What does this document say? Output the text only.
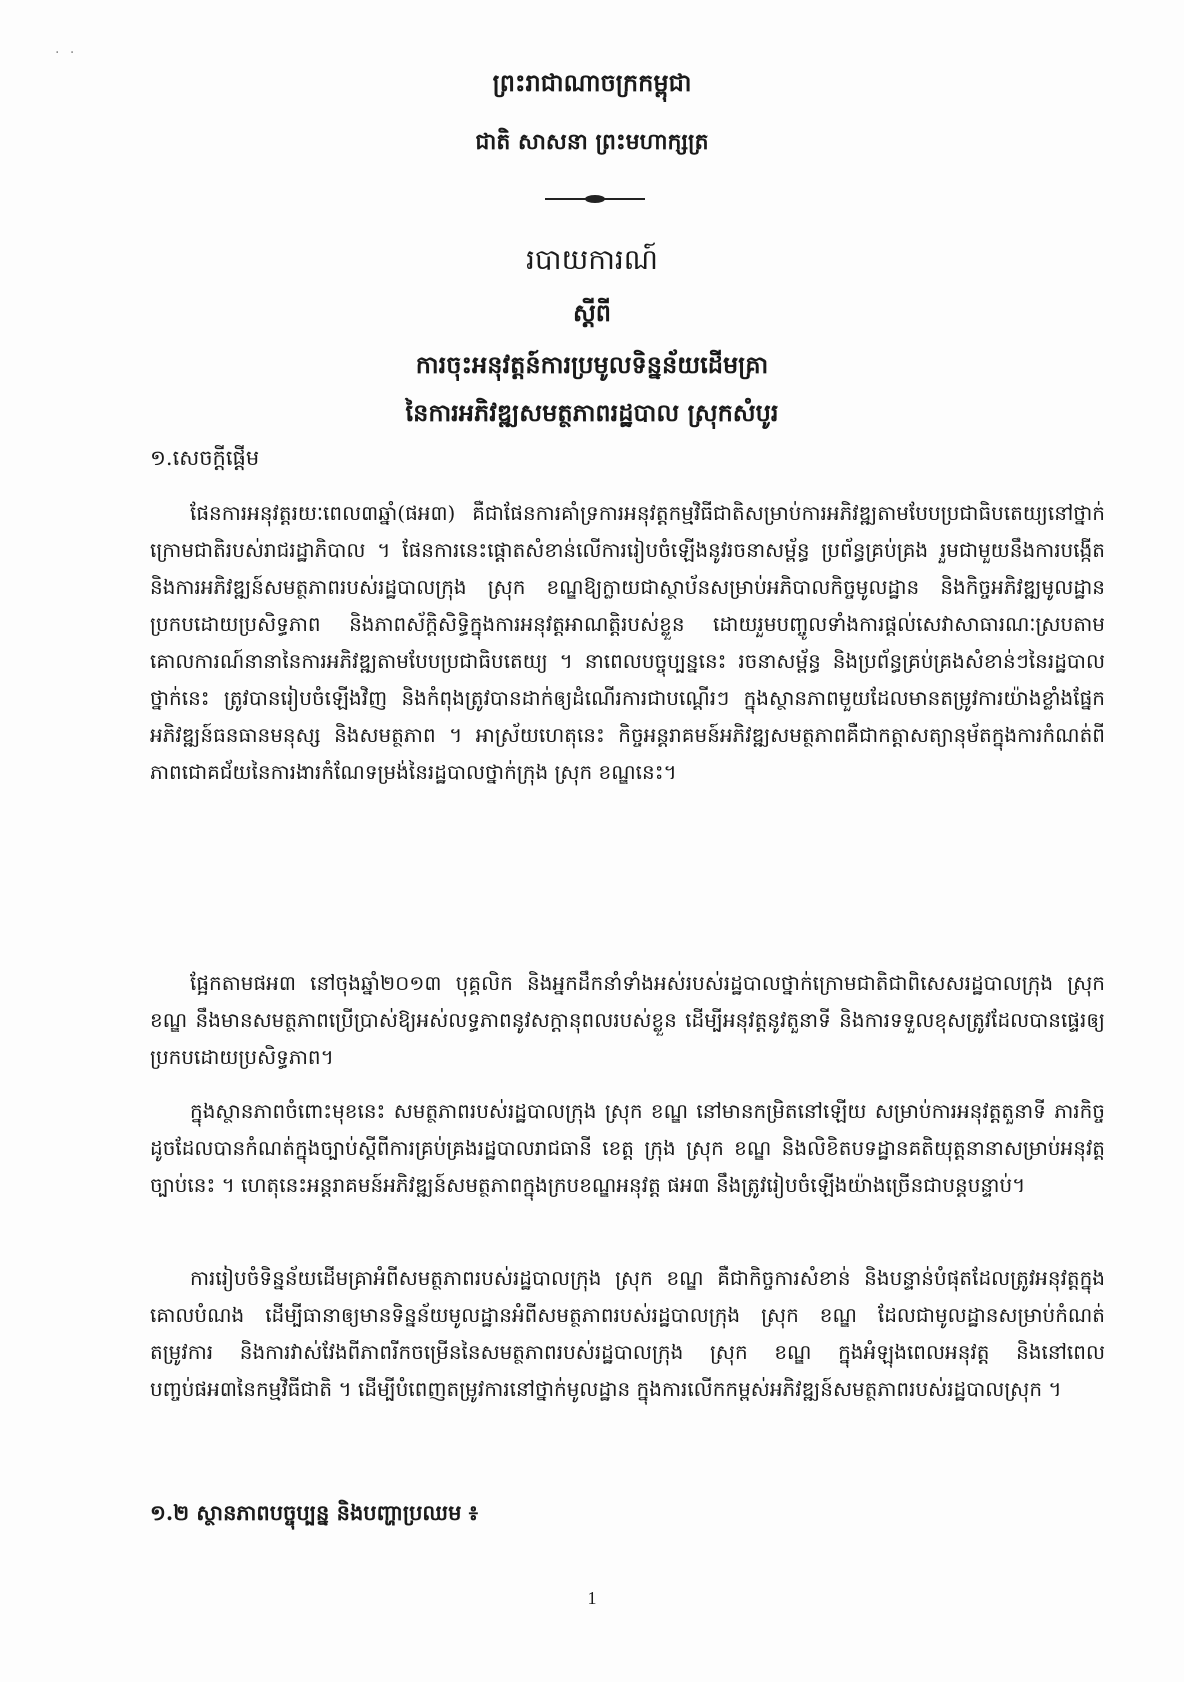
· ·
ព្រះរាជាណាចក្រកម្ពុជា
ជាតិ សាសនា ព្រះមហាក្សត្រ
របាយការណ៍
ស្តីពី
ការចុះអនុវត្តន៍ការប្រមូលទិន្នន័យដើមគ្រា
នៃការអភិវឌ្ឍសមត្ថភាពរដ្ឋបាល ស្រុកសំបូរ
១.សេចក្តីផ្តើម

ផែនការអនុវត្តរយៈពេល៣ឆ្នាំ(ផអ៣) គឺជាផែនការគាំទ្រការអនុវត្តកម្មវិធីជាតិសម្រាប់ការអភិវឌ្ឍតាមបែបប្រជាធិបតេយ្យនៅថ្នាក់ក្រោមជាតិរបស់រាជរដ្ឋាភិបាល ។ ផែនការនេះផ្តោតសំខាន់លើការរៀបចំឡើងនូវរចនាសម្ព័ន្ធ ប្រព័ន្ធគ្រប់គ្រង រួមជាមួយនឹងការបង្កើត និងការអភិវឌ្ឍន៍សមត្ថភាពរបស់រដ្ឋបាលក្រុង ស្រុក ខណ្ឌឱ្យក្លាយជាស្ថាប័នសម្រាប់អភិបាលកិច្ចមូលដ្ឋាន និងកិច្ចអភិវឌ្ឍមូលដ្ឋាន ប្រកបដោយប្រសិទ្ធភាព និងភាពស័ក្តិសិទ្ធិក្នុងការអនុវត្តអាណត្តិរបស់ខ្លួន ដោយរួមបញ្ចូលទាំងការផ្តល់សេវាសាធារណៈស្របតាមគោលការណ៍នានានៃការអភិវឌ្ឍតាមបែបប្រជាធិបតេយ្យ ។ នាពេលបច្ចុប្បន្ននេះ រចនាសម្ព័ន្ធ និងប្រព័ន្ធគ្រប់គ្រងសំខាន់ៗនៃរដ្ឋបាលថ្នាក់នេះ ត្រូវបានរៀបចំឡើងវិញ និងកំពុងត្រូវបានដាក់ឲ្យដំណើរការជាបណ្តើរៗ ក្នុងស្ថានភាពមួយដែលមានតម្រូវការយ៉ាងខ្លាំងផ្នែកអភិវឌ្ឍន៍ធនធានមនុស្ស និងសមត្ថភាព ។ អាស្រ័យហេតុនេះ កិច្ចអន្តរាគមន៍អភិវឌ្ឍសមត្ថភាពគឺជាកត្តាសត្យានុម័តក្នុងការកំណត់ពីភាពជោគជ័យនៃការងារកំណែទម្រង់នៃរដ្ឋបាលថ្នាក់ក្រុង ស្រុក ខណ្ឌនេះ។

ផ្អែកតាមផអ៣ នៅចុងឆ្នាំ២០១៣ បុគ្គលិក និងអ្នកដឹកនាំទាំងអស់របស់រដ្ឋបាលថ្នាក់ក្រោមជាតិជាពិសេសរដ្ឋបាលក្រុង ស្រុក ខណ្ឌ នឹងមានសមត្ថភាពប្រើប្រាស់ឱ្យអស់លទ្ធភាពនូវសក្តានុពលរបស់ខ្លួន ដើម្បីអនុវត្តនូវតួនាទី និងការទទួលខុសត្រូវដែលបានផ្ទេរឲ្យប្រកបដោយប្រសិទ្ធភាព។

ក្នុងស្ថានភាពចំពោះមុខនេះ សមត្ថភាពរបស់រដ្ឋបាលក្រុង ស្រុក ខណ្ឌ នៅមានកម្រិតនៅឡើយ សម្រាប់ការអនុវត្តតួនាទី ភារកិច្ច ដូចដែលបានកំណត់ក្នុងច្បាប់ស្តីពីការគ្រប់គ្រងរដ្ឋបាលរាជធានី ខេត្ត ក្រុង ស្រុក ខណ្ឌ និងលិខិតបទដ្ឋានគតិយុត្តនានាសម្រាប់អនុវត្តច្បាប់នេះ ។ ហេតុនេះអន្តរាគមន៍អភិវឌ្ឍន៍សមត្ថភាពក្នុងក្របខណ្ឌអនុវត្ត ផអ៣ នឹងត្រូវរៀបចំឡើងយ៉ាងច្រើនជាបន្តបន្ទាប់។

ការរៀបចំទិន្នន័យដើមគ្រាអំពីសមត្ថភាពរបស់រដ្ឋបាលក្រុង ស្រុក ខណ្ឌ គឺជាកិច្ចការសំខាន់ និងបន្ទាន់បំផុតដែលត្រូវអនុវត្តក្នុងគោលបំណង ដើម្បីធានាឲ្យមានទិន្នន័យមូលដ្ឋានអំពីសមត្ថភាពរបស់រដ្ឋបាលក្រុង ស្រុក ខណ្ឌ ដែលជាមូលដ្ឋានសម្រាប់កំណត់តម្រូវការ និងការវាស់វែងពីភាពរីកចម្រើននៃសមត្ថភាពរបស់រដ្ឋបាលក្រុង ស្រុក ខណ្ឌ ក្នុងអំឡុងពេលអនុវត្ត និងនៅពេលបញ្ចប់ផអ៣នៃកម្មវិធីជាតិ ។ ដើម្បីបំពេញតម្រូវការនៅថ្នាក់មូលដ្ឋាន ក្នុងការលើកកម្ពស់អភិវឌ្ឍន៍សមត្ថភាពរបស់រដ្ឋបាលស្រុក ។

១.២ ស្ថានភាពបច្ចុប្បន្ន និងបញ្ហាប្រឈម ៖
1
